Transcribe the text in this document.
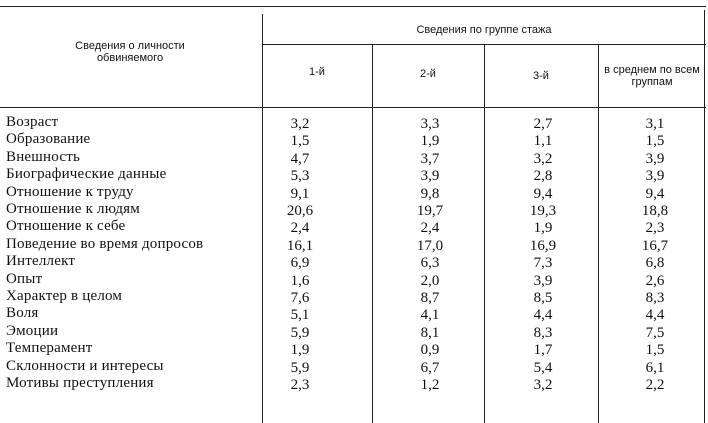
Сведения о личности обвиняемого
Сведения по группе стажа
1-й	2-й	3-й	в среднем по всем группам
Возраст	3,2	3,3	2,7	3,1
Образование	1,5	1,9	1,1	1,5
Внешность	4,7	3,7	3,2	3,9
Биографические данные	5,3	3,9	2,8	3,9
Отношение к труду	9,1	9,8	9,4	9,4
Отношение к людям	20,6	19,7	19,3	18,8
Отношение к себе	2,4	2,4	1,9	2,3
Поведение во время допросов	16,1	17,0	16,9	16,7
Интеллект	6,9	6,3	7,3	6,8
Опыт	1,6	2,0	3,9	2,6
Характер в целом	7,6	8,7	8,5	8,3
Воля	5,1	4,1	4,4	4,4
Эмоции	5,9	8,1	8,3	7,5
Темперамент	1,9	0,9	1,7	1,5
Склонности и интересы	5,9	6,7	5,4	6,1
Мотивы преступления	2,3	1,2	3,2	2,2
